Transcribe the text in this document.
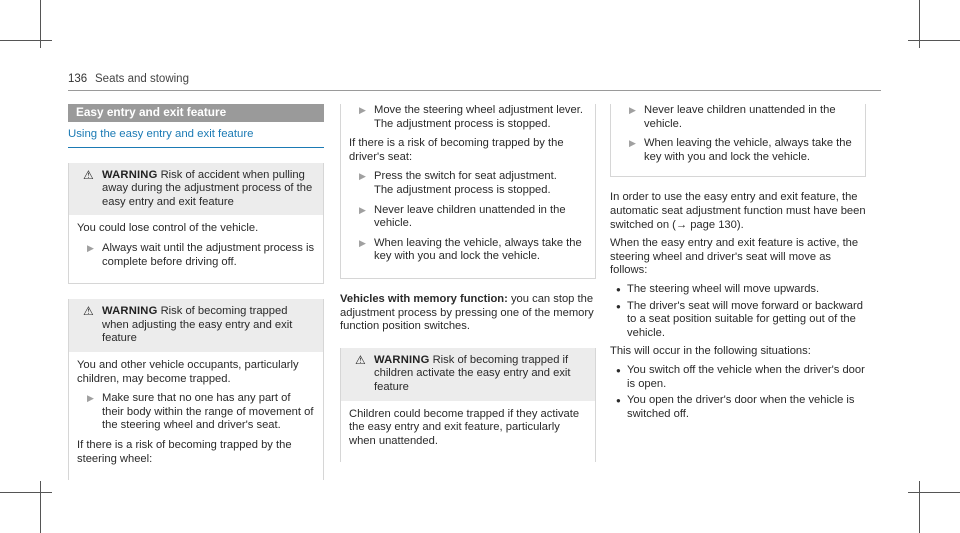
136 Seats and stowing
Easy entry and exit feature
Using the easy entry and exit feature
⚠ WARNING Risk of accident when pulling away during the adjustment process of the easy entry and exit feature

You could lose control of the vehicle.

▶ Always wait until the adjustment process is complete before driving off.
⚠ WARNING Risk of becoming trapped when adjusting the easy entry and exit feature

You and other vehicle occupants, particularly children, may become trapped.

▶ Make sure that no one has any part of their body within the range of movement of the steering wheel and driver's seat.

If there is a risk of becoming trapped by the steering wheel:

▶ Move the steering wheel adjustment lever.
The adjustment process is stopped.

If there is a risk of becoming trapped by the driver's seat:

▶ Press the switch for seat adjustment.
The adjustment process is stopped.
▶ Never leave children unattended in the vehicle.
▶ When leaving the vehicle, always take the key with you and lock the vehicle.

Vehicles with memory function: you can stop the adjustment process by pressing one of the memory function position switches.

⚠ WARNING Risk of becoming trapped if children activate the easy entry and exit feature

Children could become trapped if they activate the easy entry and exit feature, particularly when unattended.

▶ Never leave children unattended in the vehicle.
▶ When leaving the vehicle, always take the key with you and lock the vehicle.

In order to use the easy entry and exit feature, the automatic seat adjustment function must have been switched on (→ page 130).

When the easy entry and exit feature is active, the steering wheel and driver's seat will move as follows:

● The steering wheel will move upwards.
● The driver's seat will move forward or backward to a seat position suitable for getting out of the vehicle.

This will occur in the following situations:

● You switch off the vehicle when the driver's door is open.
● You open the driver's door when the vehicle is switched off.
